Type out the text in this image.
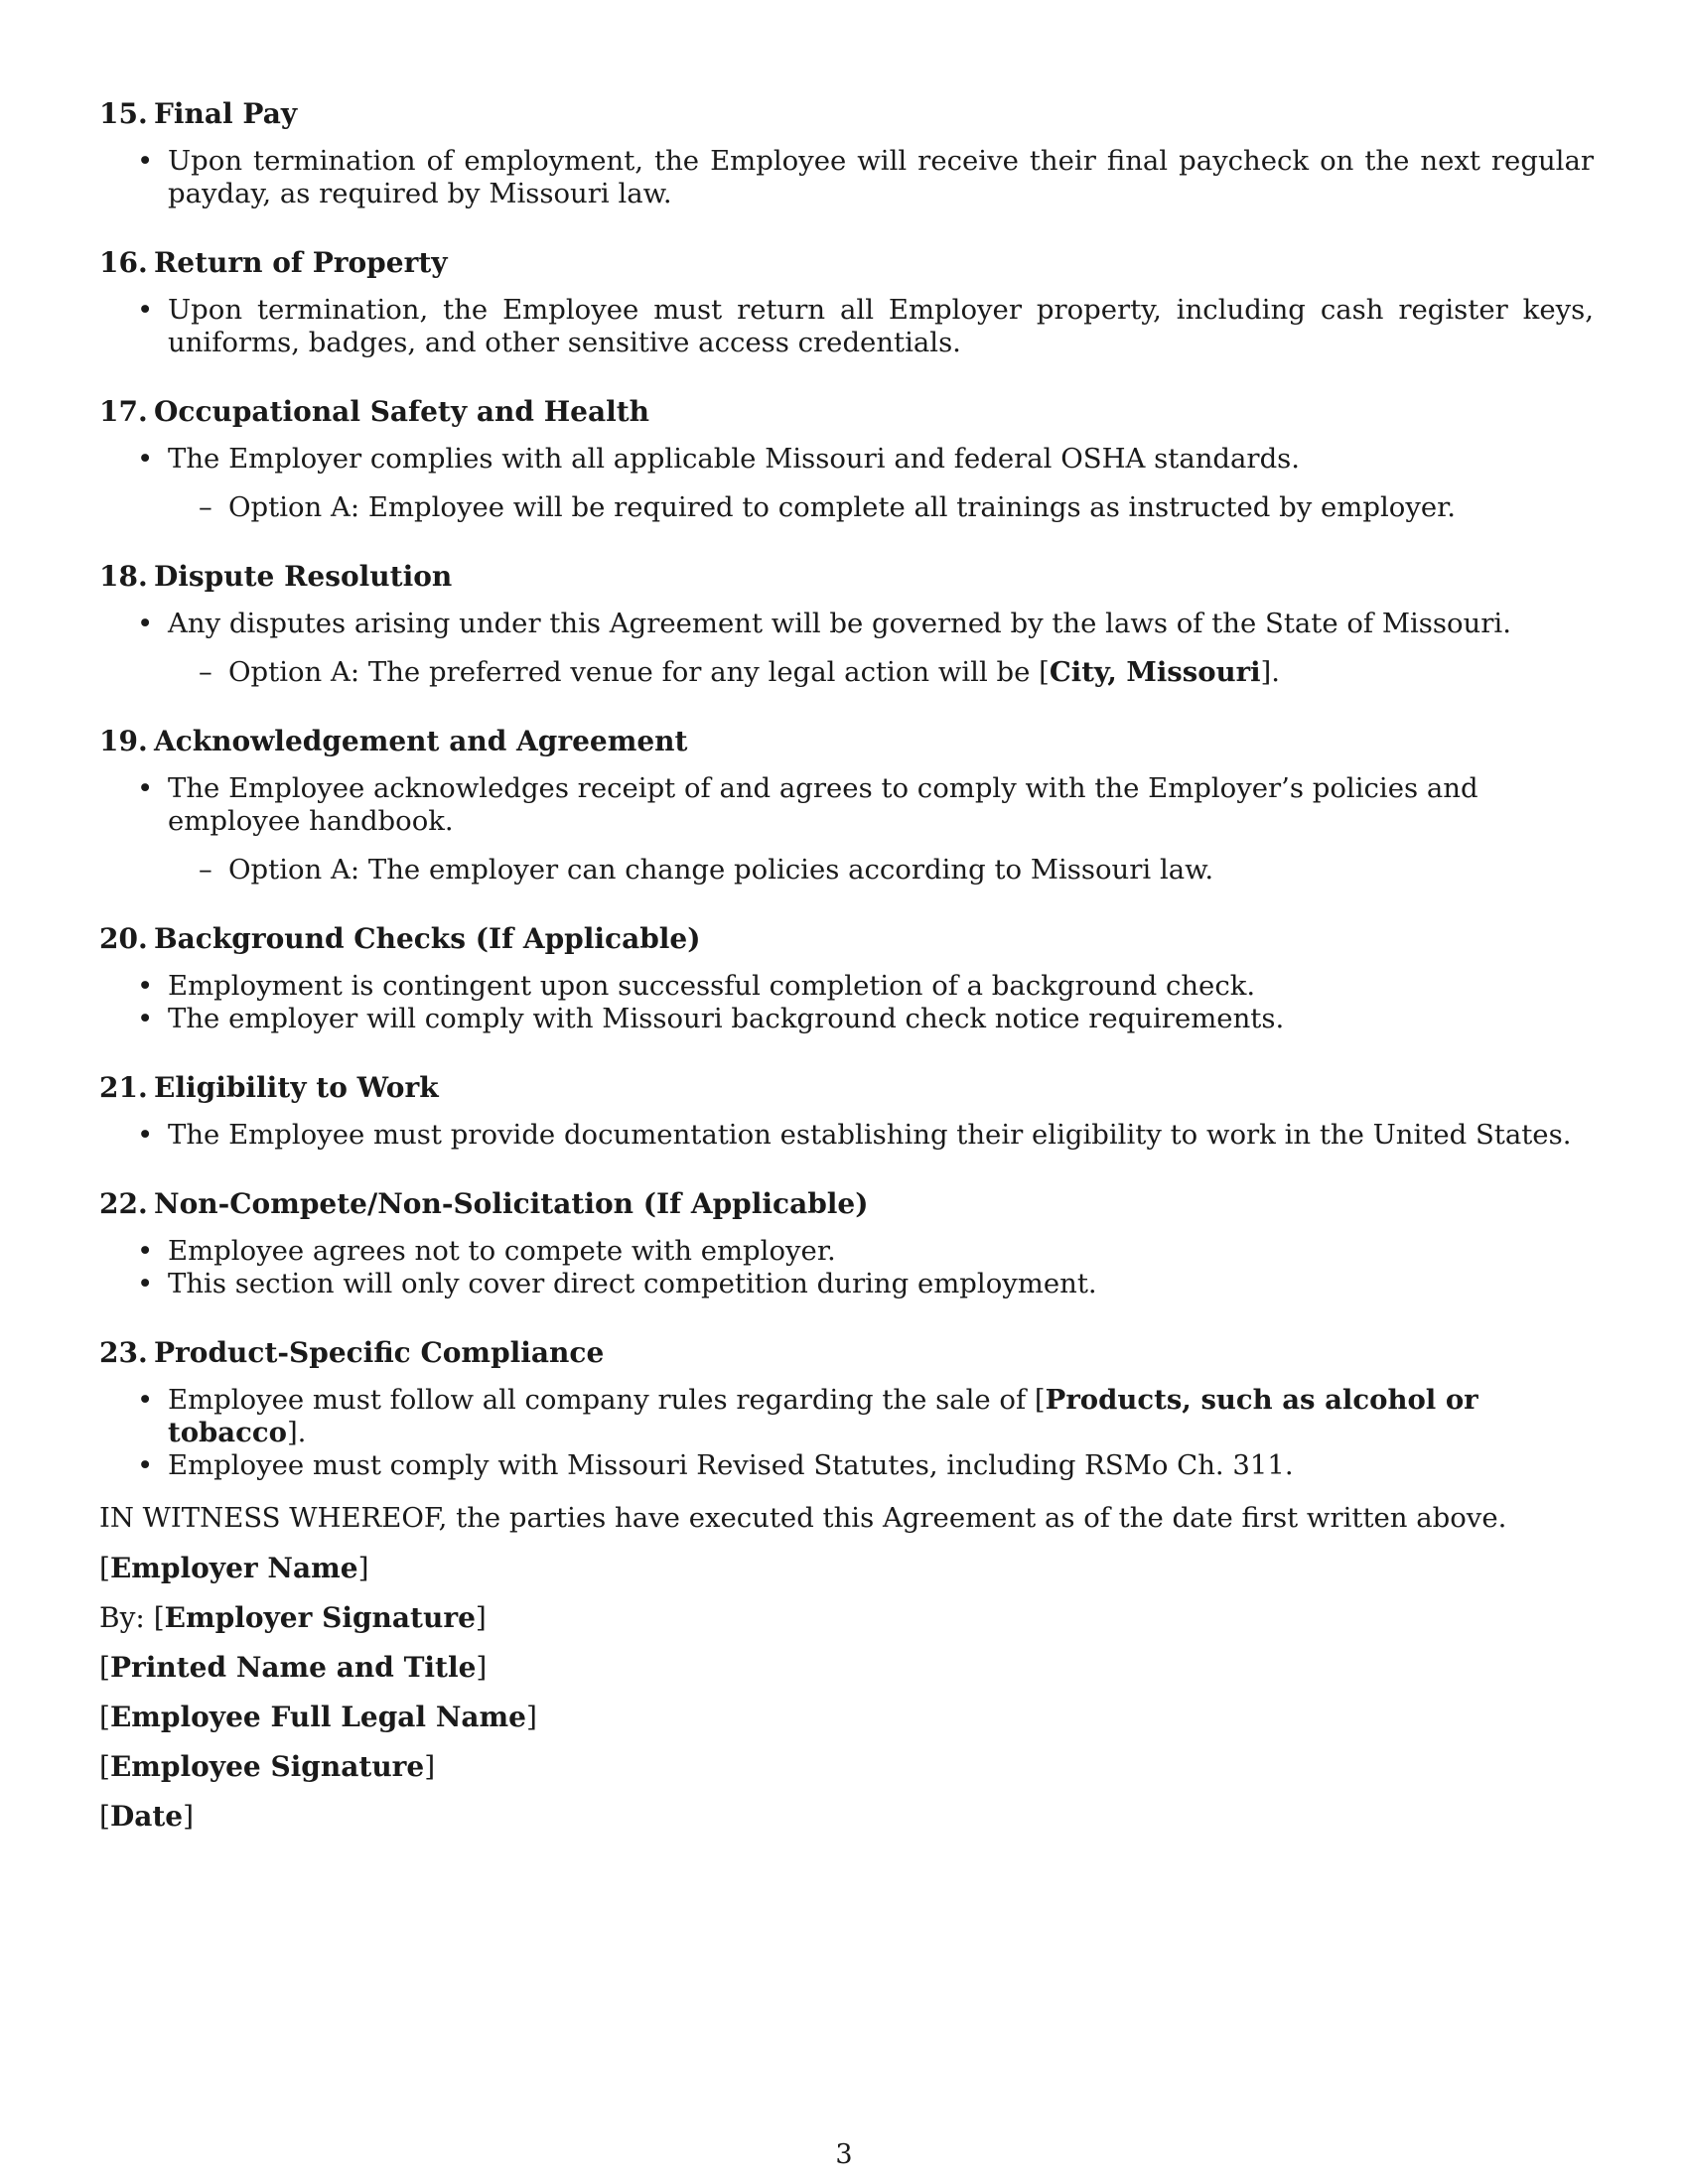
15. Final Pay
• Upon termination of employment, the Employee will receive their final paycheck on the next regular payday, as required by Missouri law.
16. Return of Property
• Upon termination, the Employee must return all Employer property, including cash register keys, uniforms, badges, and other sensitive access credentials.
17. Occupational Safety and Health
• The Employer complies with all applicable Missouri and federal OSHA standards.
– Option A: Employee will be required to complete all trainings as instructed by employer.
18. Dispute Resolution
• Any disputes arising under this Agreement will be governed by the laws of the State of Missouri.
– Option A: The preferred venue for any legal action will be [City, Missouri].
19. Acknowledgement and Agreement
• The Employee acknowledges receipt of and agrees to comply with the Employer’s policies and employee handbook.
– Option A: The employer can change policies according to Missouri law.
20. Background Checks (If Applicable)
• Employment is contingent upon successful completion of a background check.
• The employer will comply with Missouri background check notice requirements.
21. Eligibility to Work
• The Employee must provide documentation establishing their eligibility to work in the United States.
22. Non-Compete/Non-Solicitation (If Applicable)
• Employee agrees not to compete with employer.
• This section will only cover direct competition during employment.
23. Product-Specific Compliance
• Employee must follow all company rules regarding the sale of [Products, such as alcohol or tobacco].
• Employee must comply with Missouri Revised Statutes, including RSMo Ch. 311.
IN WITNESS WHEREOF, the parties have executed this Agreement as of the date first written above.
[Employer Name]
By: [Employer Signature]
[Printed Name and Title]
[Employee Full Legal Name]
[Employee Signature]
[Date]
3
